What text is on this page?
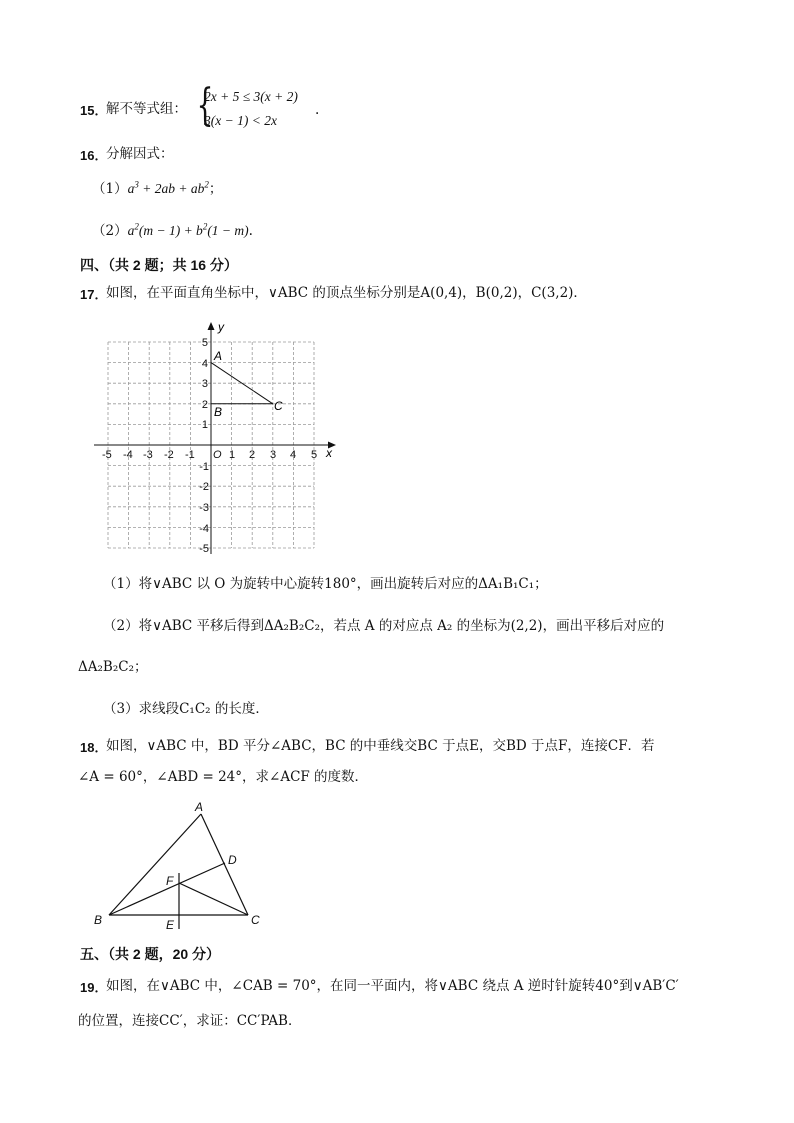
15．
解不等式组： {
2x + 5 ≤ 3(x + 2)
3(x − 1) < 2x
.
16．
分解因式：
$(1)a^3 + 2ab + ab^2$；
$(2)a^2(m - 1) + b^2(1 - m)$.
四、（共 2 题；共 16 分）
17．
如图，在平面直角坐标中，∨ABC 的顶点坐标分别是A(0,4)，B(0,2)，C(3,2)．
x
y
-5 -4 -3 -2 -1 O 1 2 3 4 5
5
4
3
2
1
-1
-2
-3
-4
-5
A
B	C
（1）将∨ABC 以 O 为旋转中心旋转180°，画出旋转后对应的ΔA₁B₁C₁；
（2）将∨ABC 平移后得到ΔA₂B₂C₂，若点 A 的对应点 A₂ 的坐标为(2,2)，画出平移后对应的
ΔA₂B₂C₂；
（3）求线段C₁C₂ 的长度．
18．
如图，∨ABC 中，BD 平分∠ABC，BC 的中垂线交BC 于点E，交BD 于点F，连接CF．若
∠A = 60°，∠ABD = 24°，求∠ACF 的度数．
A
B	C
D
E
F
五、（共 2 题，20 分）
19．
如图，在∨ABC 中，∠CAB = 70°，在同一平面内，将∨ABC 绕点 A 逆时针旋转40°到∨AB′C′
的位置，连接CC′，求证：CC′PAB．
